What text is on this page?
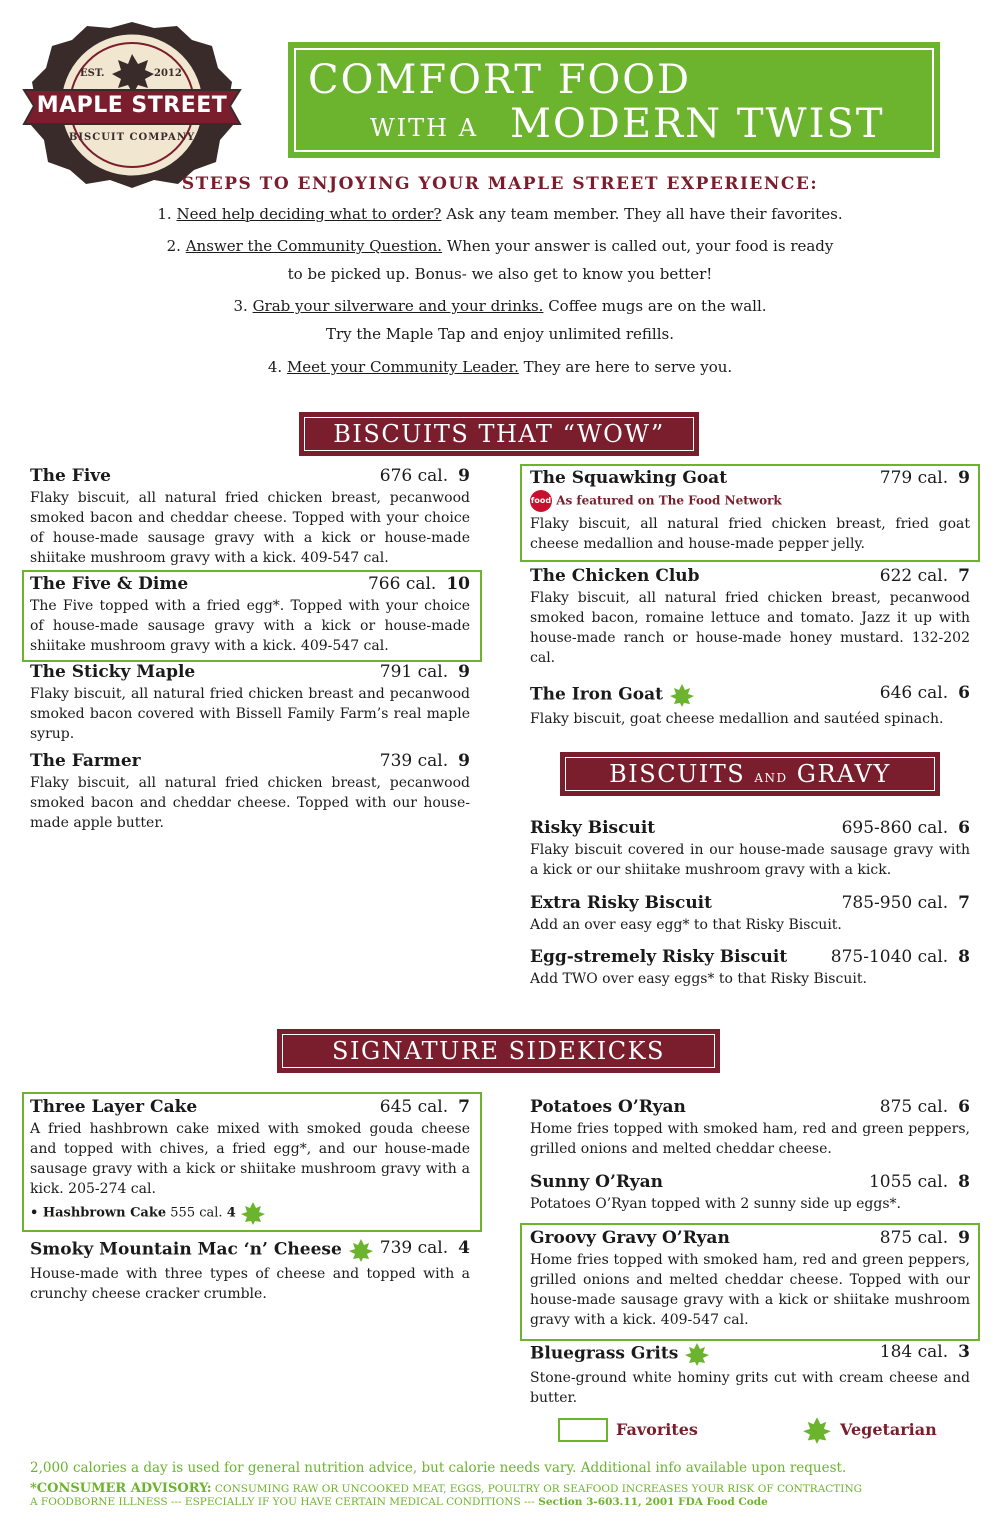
EST.	2012
MAPLE STREET
BISCUIT COMPANY
COMFORT FOOD
WITH A MODERN TWIST
STEPS TO ENJOYING YOUR MAPLE STREET EXPERIENCE:
1. Need help deciding what to order? Ask any team member. They all have their favorites.
2. Answer the Community Question. When your answer is called out, your food is ready
to be picked up. Bonus- we also get to know you better!
3. Grab your silverware and your drinks. Coffee mugs are on the wall.
Try the Maple Tap and enjoy unlimited refills.
4. Meet your Community Leader. They are here to serve you.
BISCUITS THAT “WOW”
The Five	676 cal. 9
Flaky biscuit, all natural fried chicken breast, pecanwood smoked bacon and cheddar cheese. Topped with your choice of house-made sausage gravy with a kick or house-made shiitake mushroom gravy with a kick. 409-547 cal.
The Five & Dime	766 cal. 10
The Five topped with a fried egg*. Topped with your choice of house-made sausage gravy with a kick or house-made shiitake mushroom gravy with a kick. 409-547 cal.
The Sticky Maple	791 cal. 9
Flaky biscuit, all natural fried chicken breast and pecanwood smoked bacon covered with Bissell Family Farm’s real maple syrup.
The Farmer	739 cal. 9
Flaky biscuit, all natural fried chicken breast, pecanwood smoked bacon and cheddar cheese. Topped with our house-made apple butter.
The Squawking Goat	779 cal. 9
food As featured on The Food Network
Flaky biscuit, all natural fried chicken breast, fried goat cheese medallion and house-made pepper jelly.
The Chicken Club	622 cal. 7
Flaky biscuit, all natural fried chicken breast, pecanwood smoked bacon, romaine lettuce and tomato. Jazz it up with house-made ranch or house-made honey mustard. 132-202 cal.
The Iron Goat	646 cal. 6
Flaky biscuit, goat cheese medallion and sautéed spinach.
BISCUITS AND GRAVY
Risky Biscuit	695-860 cal. 6
Flaky biscuit covered in our house-made sausage gravy with a kick or our shiitake mushroom gravy with a kick.
Extra Risky Biscuit	785-950 cal. 7
Add an over easy egg* to that Risky Biscuit.
Egg-stremely Risky Biscuit	875-1040 cal. 8
Add TWO over easy eggs* to that Risky Biscuit.
SIGNATURE SIDEKICKS
Three Layer Cake	645 cal. 7
A fried hashbrown cake mixed with smoked gouda cheese and topped with chives, a fried egg*, and our house-made sausage gravy with a kick or shiitake mushroom gravy with a kick. 205-274 cal.
• Hashbrown Cake 555 cal. 4
Smoky Mountain Mac ‘n’ Cheese	739 cal. 4
House-made with three types of cheese and topped with a crunchy cheese cracker crumble.
Potatoes O’Ryan	875 cal. 6
Home fries topped with smoked ham, red and green peppers, grilled onions and melted cheddar cheese.
Sunny O’Ryan	1055 cal. 8
Potatoes O’Ryan topped with 2 sunny side up eggs*.
Groovy Gravy O’Ryan	875 cal. 9
Home fries topped with smoked ham, red and green peppers, grilled onions and melted cheddar cheese. Topped with our house-made sausage gravy with a kick or shiitake mushroom gravy with a kick. 409-547 cal.
Bluegrass Grits	184 cal. 3
Stone-ground white hominy grits cut with cream cheese and butter.
Favorites	Vegetarian
2,000 calories a day is used for general nutrition advice, but calorie needs vary. Additional info available upon request.
*CONSUMER ADVISORY: CONSUMING RAW OR UNCOOKED MEAT, EGGS, POULTRY OR SEAFOOD INCREASES YOUR RISK OF CONTRACTING
A FOODBORNE ILLNESS --- ESPECIALLY IF YOU HAVE CERTAIN MEDICAL CONDITIONS --- Section 3-603.11, 2001 FDA Food Code
